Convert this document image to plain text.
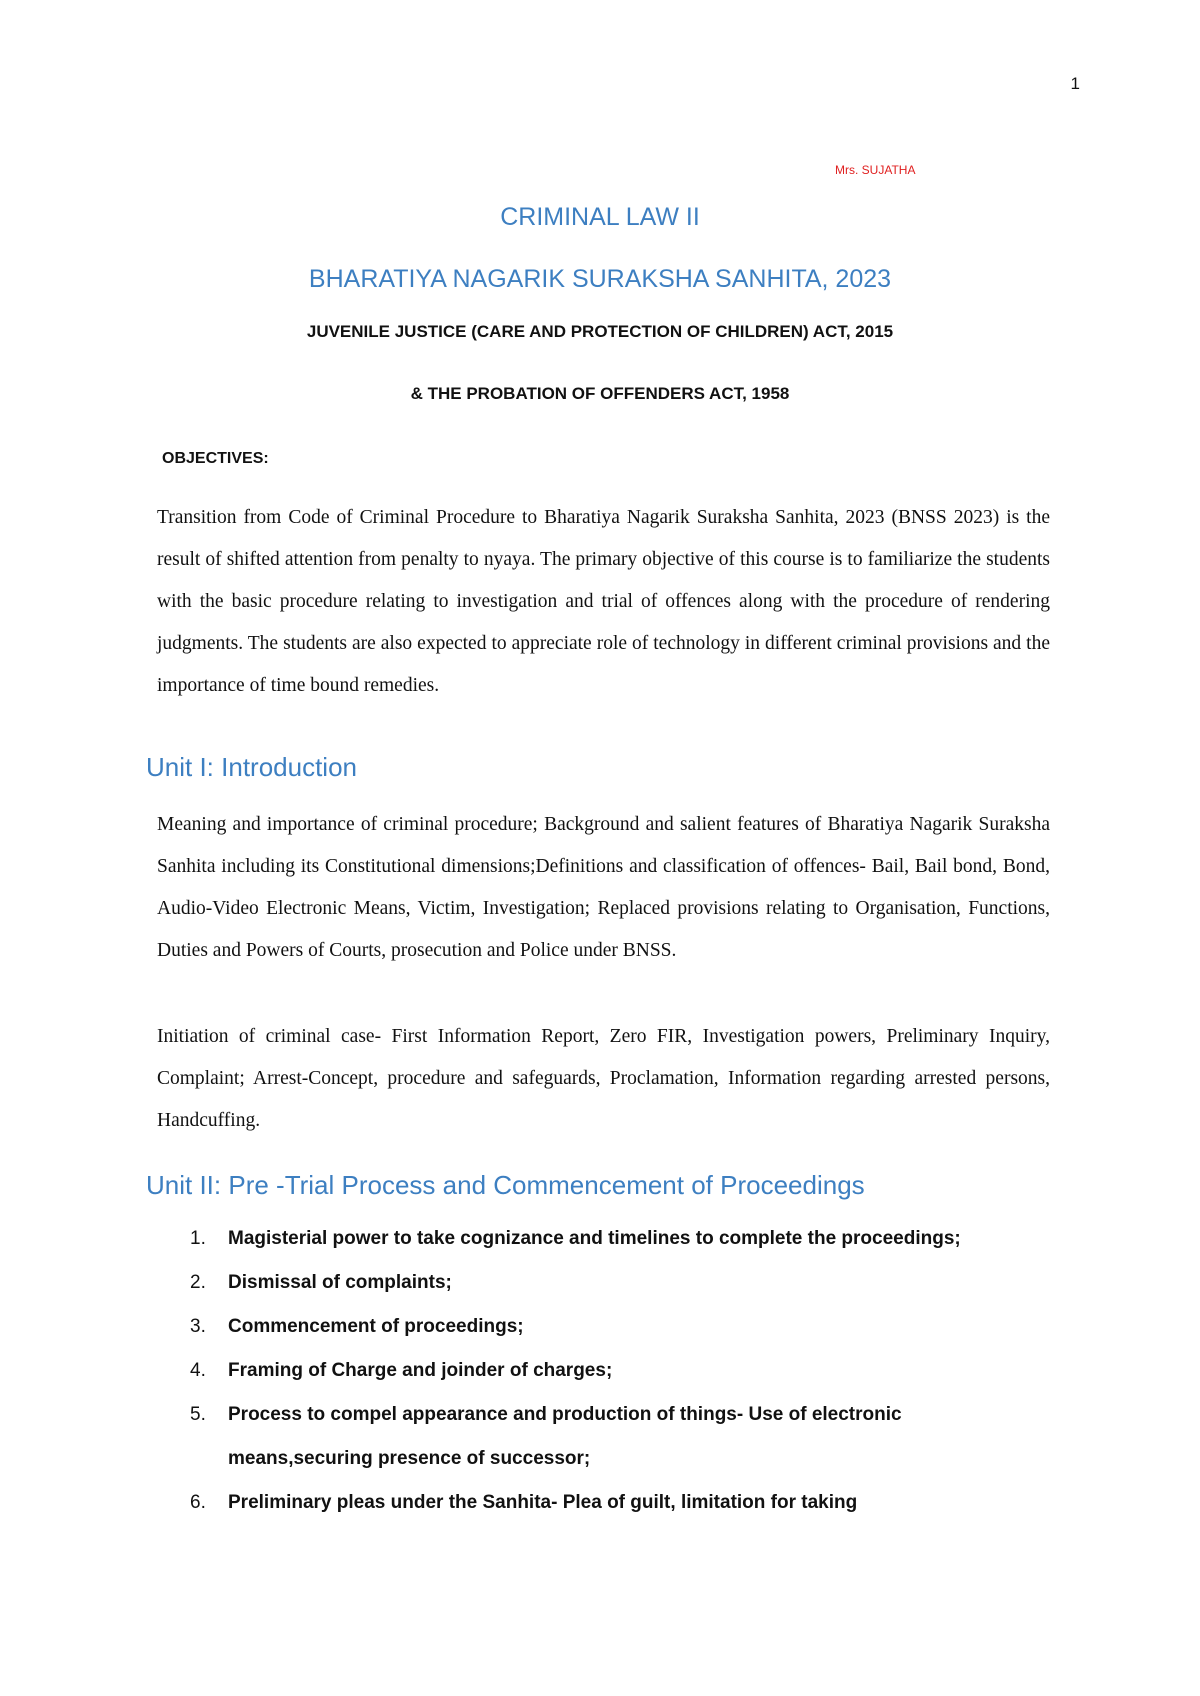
1
Mrs. SUJATHA
CRIMINAL LAW II
BHARATIYA NAGARIK SURAKSHA SANHITA, 2023
JUVENILE JUSTICE (CARE AND PROTECTION OF CHILDREN) ACT, 2015
& THE PROBATION OF OFFENDERS ACT, 1958
OBJECTIVES:
Transition from Code of Criminal Procedure to Bharatiya Nagarik Suraksha Sanhita, 2023 (BNSS 2023) is the result of shifted attention from penalty to nyaya. The primary objective of this course is to familiarize the students with the basic procedure relating to investigation and trial of offences along with the procedure of rendering judgments. The students are also expected to appreciate role of technology in different criminal provisions and the importance of time bound remedies.
Unit I: Introduction
Meaning and importance of criminal procedure; Background and salient features of Bharatiya Nagarik Suraksha Sanhita including its Constitutional dimensions;Definitions and classification of offences- Bail, Bail bond, Bond, Audio-Video Electronic Means, Victim, Investigation; Replaced provisions relating to Organisation, Functions, Duties and Powers of Courts, prosecution and Police under BNSS.
Initiation of criminal case- First Information Report, Zero FIR, Investigation powers, Preliminary Inquiry, Complaint; Arrest-Concept, procedure and safeguards, Proclamation, Information regarding arrested persons, Handcuffing.
Unit II: Pre -Trial Process and Commencement of Proceedings
1. Magisterial power to take cognizance and timelines to complete the proceedings;
2. Dismissal of complaints;
3. Commencement of proceedings;
4. Framing of Charge and joinder of charges;
5. Process to compel appearance and production of things- Use of electronic means,securing presence of successor;
6. Preliminary pleas under the Sanhita- Plea of guilt, limitation for taking
